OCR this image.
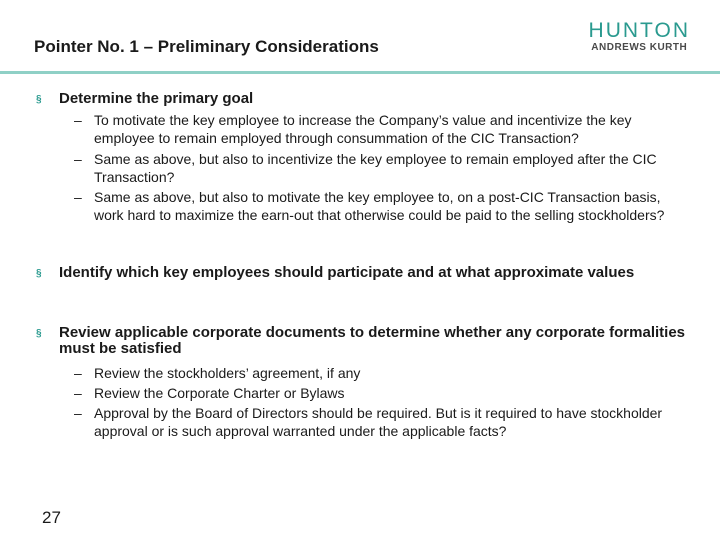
Pointer No. 1 – Preliminary Considerations
HUNTON
ANDREWS KURTH
§	Determine the primary goal
– To motivate the key employee to increase the Company’s value and incentivize the key employee to remain employed through consummation of the CIC Transaction?
– Same as above, but also to incentivize the key employee to remain employed after the CIC Transaction?
– Same as above, but also to motivate the key employee to, on a post-CIC Transaction basis, work hard to maximize the earn-out that otherwise could be paid to the selling stockholders?
§	Identify which key employees should participate and at what approximate values
§	Review applicable corporate documents to determine whether any corporate formalities must be satisfied
– Review the stockholders’ agreement, if any
– Review the Corporate Charter or Bylaws
– Approval by the Board of Directors should be required. But is it required to have stockholder approval or is such approval warranted under the applicable facts?
27
